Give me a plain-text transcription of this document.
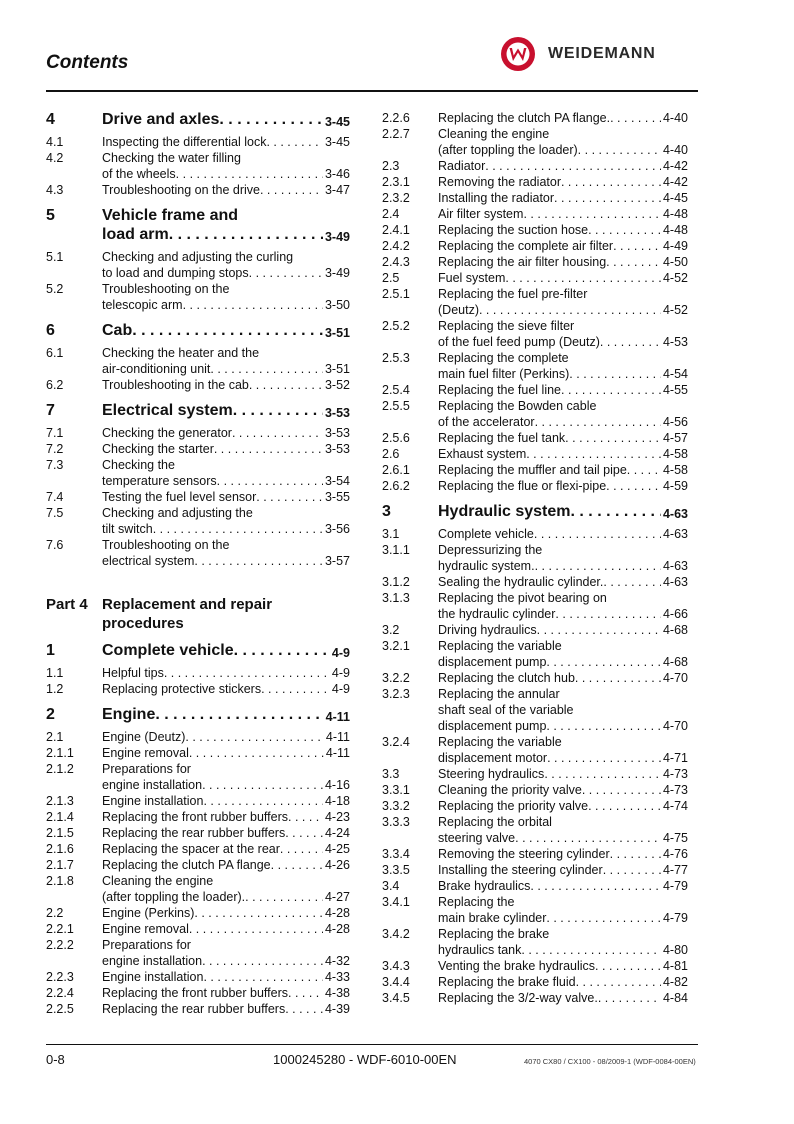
Contents	WEIDEMANN
4	Drive and axles . . .	3-45
4.1	Inspecting the differential lock . . .	3-45
4.2	Checking the water filling
of the wheels . . .	3-46
4.3	Troubleshooting on the drive . . .	3-47
5	Vehicle frame and
load arm . . .	3-49
5.1	Checking and adjusting the curling
to load and dumping stops . . .	3-49
5.2	Troubleshooting on the
telescopic arm . . .	3-50
6	Cab . . .	3-51
6.1	Checking the heater and the
air-conditioning unit . . .	3-51
6.2	Troubleshooting in the cab . . .	3-52
7	Electrical system . . .	3-53
7.1	Checking the generator . . .	3-53
7.2	Checking the starter . . .	3-53
7.3	Checking the
temperature sensors . . .	3-54
7.4	Testing the fuel level sensor . . .	3-55
7.5	Checking and adjusting the
tilt switch . . .	3-56
7.6	Troubleshooting on the
electrical system . . .	3-57
Part 4 Replacement and repair
procedures
1	Complete vehicle . . .	4-9
1.1	Helpful tips . . .	4-9
1.2	Replacing protective stickers . . .	4-9
2	Engine . . .	4-11
2.1	Engine (Deutz) . . .	4-11
2.1.1	Engine removal . . .	4-11
2.1.2	Preparations for
engine installation . . .	4-16
2.1.3	Engine installation . . .	4-18
2.1.4	Replacing the front rubber buffers . . .	4-23
2.1.5	Replacing the rear rubber buffers . . .	4-24
2.1.6	Replacing the spacer at the rear . . .	4-25
2.1.7	Replacing the clutch PA flange . . .	4-26
2.1.8	Cleaning the engine
(after toppling the loader). . . .	4-27
2.2	Engine (Perkins) . . .	4-28
2.2.1	Engine removal . . .	4-28
2.2.2	Preparations for
engine installation . . .	4-32
2.2.3	Engine installation . . .	4-33
2.2.4	Replacing the front rubber buffers . . .	4-38
2.2.5	Replacing the rear rubber buffers . . .	4-39
2.2.6	Replacing the clutch PA flange. . . .	4-40
2.2.7	Cleaning the engine
(after toppling the loader) . . .	4-40
2.3	Radiator . . .	4-42
2.3.1	Removing the radiator . . .	4-42
2.3.2	Installing the radiator . . .	4-45
2.4	Air filter system . . .	4-48
2.4.1	Replacing the suction hose . . .	4-48
2.4.2	Replacing the complete air filter . . .	4-49
2.4.3	Replacing the air filter housing . . .	4-50
2.5	Fuel system . . .	4-52
2.5.1	Replacing the fuel pre-filter
(Deutz) . . .	4-52
2.5.2	Replacing the sieve filter
of the fuel feed pump (Deutz) . . .	4-53
2.5.3	Replacing the complete
main fuel filter (Perkins) . . .	4-54
2.5.4	Replacing the fuel line . . .	4-55
2.5.5	Replacing the Bowden cable
of the accelerator . . .	4-56
2.5.6	Replacing the fuel tank . . .	4-57
2.6	Exhaust system . . .	4-58
2.6.1	Replacing the muffler and tail pipe . . .	4-58
2.6.2	Replacing the flue or flexi-pipe . . .	4-59
3	Hydraulic system . . .	4-63
3.1	Complete vehicle . . .	4-63
3.1.1	Depressurizing the
hydraulic system. . . .	4-63
3.1.2	Sealing the hydraulic cylinder. . . .	4-63
3.1.3	Replacing the pivot bearing on
the hydraulic cylinder . . .	4-66
3.2	Driving hydraulics . . .	4-68
3.2.1	Replacing the variable
displacement pump . . .	4-68
3.2.2	Replacing the clutch hub . . .	4-70
3.2.3	Replacing the annular
shaft seal of the variable
displacement pump . . .	4-70
3.2.4	Replacing the variable
displacement motor . . .	4-71
3.3	Steering hydraulics . . .	4-73
3.3.1	Cleaning the priority valve . . .	4-73
3.3.2	Replacing the priority valve . . .	4-74
3.3.3	Replacing the orbital
steering valve . . .	4-75
3.3.4	Removing the steering cylinder . . .	4-76
3.3.5	Installing the steering cylinder . . .	4-77
3.4	Brake hydraulics . . .	4-79
3.4.1	Replacing the
main brake cylinder . . .	4-79
3.4.2	Replacing the brake
hydraulics tank . . .	4-80
3.4.3	Venting the brake hydraulics . . .	4-81
3.4.4	Replacing the brake fluid . . .	4-82
3.4.5	Replacing the 3/2-way valve. . . .	4-84
0-8	1000245280 - WDF-6010-00EN	4070 CX80 / CX100 - 08/2009-1 (WDF-0084-00EN)
